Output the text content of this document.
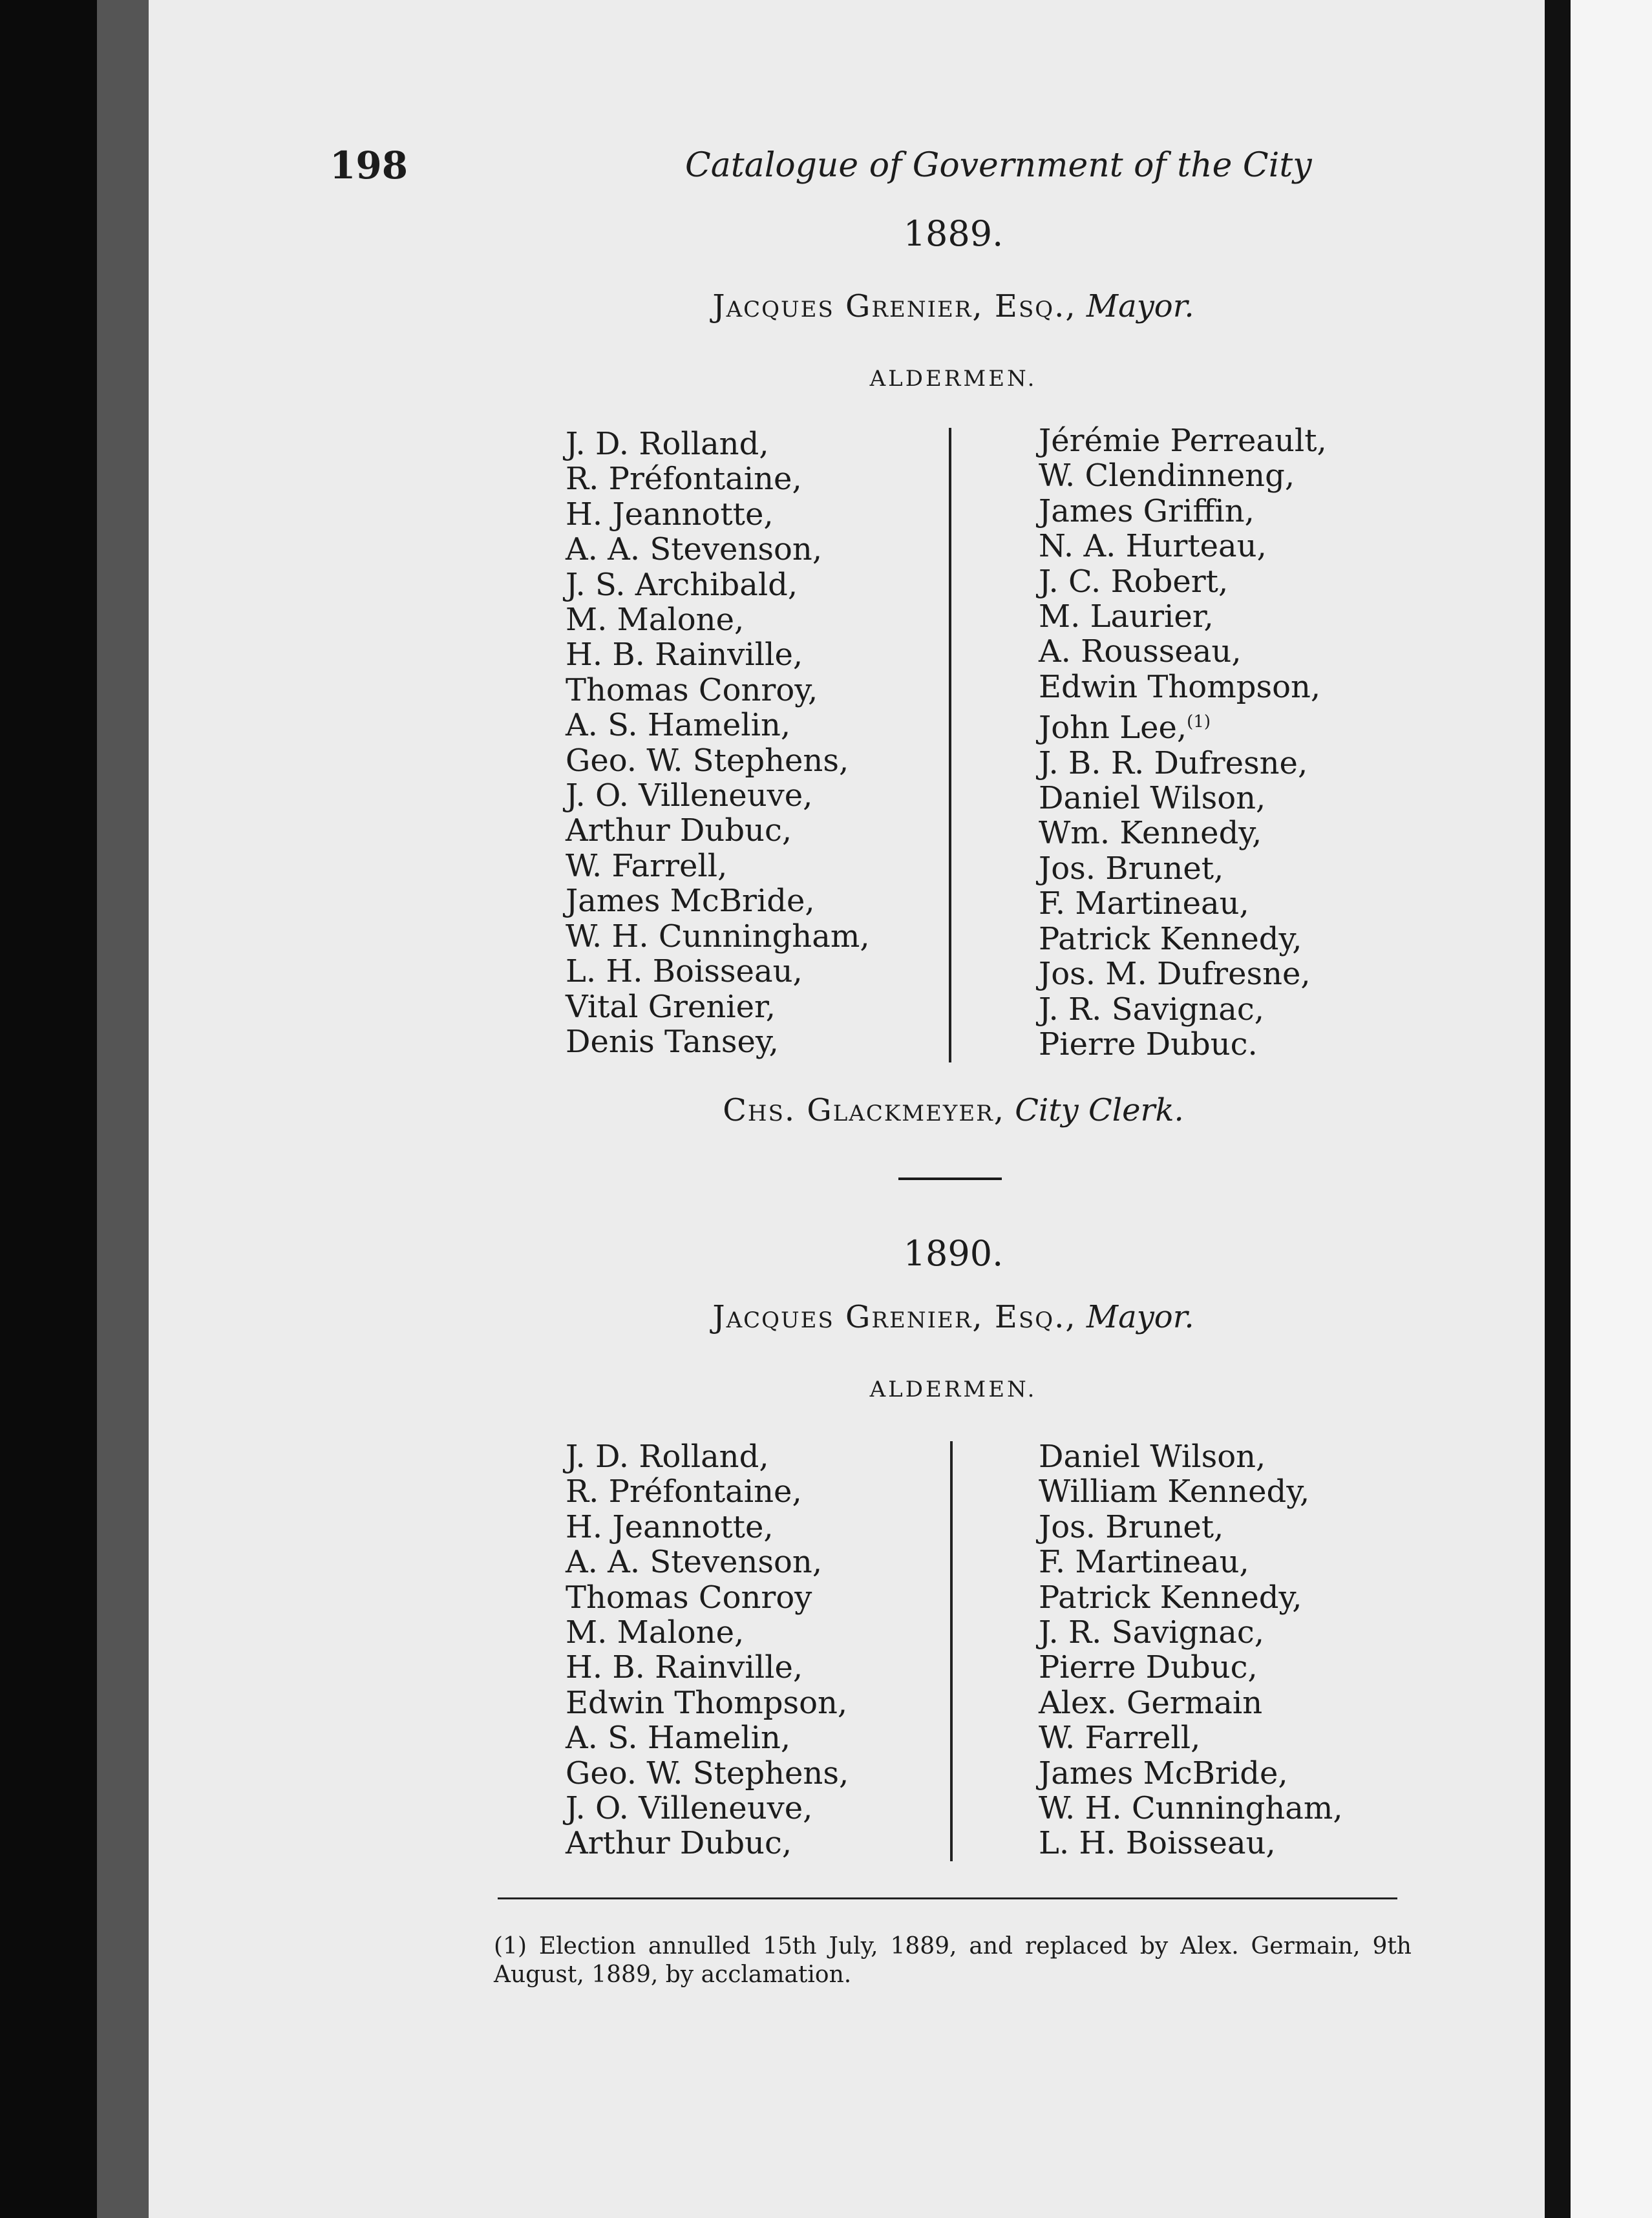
198	Catalogue of Government of the City
1889.
Jacques Grenier, Esq., Mayor.
ALDERMEN.
J. D. Rolland,
R. Préfontaine,
H. Jeannotte,
A. A. Stevenson,
J. S. Archibald,
M. Malone,
H. B. Rainville,
Thomas Conroy,
A. S. Hamelin,
Geo. W. Stephens,
J. O. Villeneuve,
Arthur Dubuc,
W. Farrell,
James McBride,
W. H. Cunningham,
L. H. Boisseau,
Vital Grenier,
Denis Tansey,
Jérémie Perreault,
W. Clendinneng,
James Griffin,
N. A. Hurteau,
J. C. Robert,
M. Laurier,
A. Rousseau,
Edwin Thompson,
John Lee,$^{(1)}$
J. B. R. Dufresne,
Daniel Wilson,
Wm. Kennedy,
Jos. Brunet,
F. Martineau,
Patrick Kennedy,
Jos. M. Dufresne,
J. R. Savignac,
Pierre Dubuc.
Chs. Glackmeyer, City Clerk.
1890.
Jacques Grenier, Esq., Mayor.
ALDERMEN.
J. D. Rolland,
R. Préfontaine,
H. Jeannotte,
A. A. Stevenson,
Thomas Conroy
M. Malone,
H. B. Rainville,
Edwin Thompson,
A. S. Hamelin,
Geo. W. Stephens,
J. O. Villeneuve,
Arthur Dubuc,
Daniel Wilson,
William Kennedy,
Jos. Brunet,
F. Martineau,
Patrick Kennedy,
J. R. Savignac,
Pierre Dubuc,
Alex. Germain
W. Farrell,
James McBride,
W. H. Cunningham,
L. H. Boisseau,
(1) Election annulled 15th July, 1889, and replaced by Alex. Germain, 9th August, 1889, by acclamation.
